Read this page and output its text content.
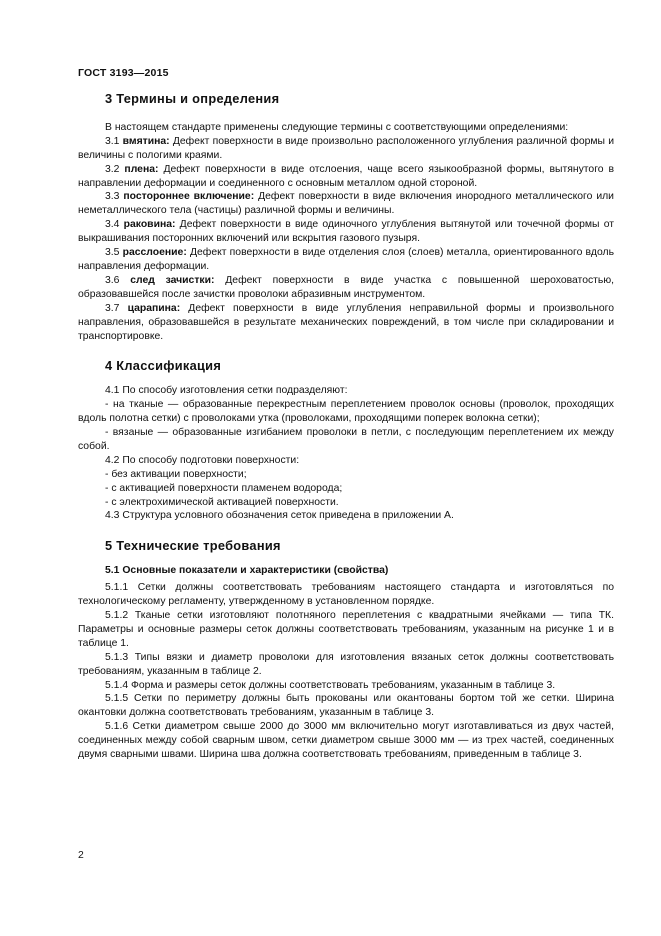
ГОСТ 3193—2015
3 Термины и определения

В настоящем стандарте применены следующие термины с соответствующими определениями:

3.1 вмятина: Дефект поверхности в виде произвольно расположенного углубления различной формы и величины с пологими краями.

3.2 плена: Дефект поверхности в виде отслоения, чаще всего языкообразной формы, вытянутого в направлении деформации и соединенного с основным металлом одной стороной.

3.3 постороннее включение: Дефект поверхности в виде включения инородного металлического или неметаллического тела (частицы) различной формы и величины.

3.4 раковина: Дефект поверхности в виде одиночного углубления вытянутой или точечной формы от выкрашивания посторонних включений или вскрытия газового пузыря.

3.5 расслоение: Дефект поверхности в виде отделения слоя (слоев) металла, ориентированного вдоль направления деформации.

3.6 след зачистки: Дефект поверхности в виде участка с повышенной шероховатостью, образовавшейся после зачистки проволоки абразивным инструментом.

3.7 царапина: Дефект поверхности в виде углубления неправильной формы и произвольного направления, образовавшейся в результате механических повреждений, в том числе при складировании и транспортировке.

4 Классификация

4.1 По способу изготовления сетки подразделяют:

- на тканые — образованные перекрестным переплетением проволок основы (проволок, проходящих вдоль полотна сетки) с проволоками утка (проволоками, проходящими поперек волокна сетки);

- вязаные — образованные изгибанием проволоки в петли, с последующим переплетением их между собой.

4.2 По способу подготовки поверхности:

- без активации поверхности;

- с активацией поверхности пламенем водорода;

- с электрохимической активацией поверхности.

4.3 Структура условного обозначения сеток приведена в приложении А.

5 Технические требования
5.1 Основные показатели и характеристики (свойства)

5.1.1 Сетки должны соответствовать требованиям настоящего стандарта и изготовляться по технологическому регламенту, утвержденному в установленном порядке.

5.1.2 Тканые сетки изготовляют полотняного переплетения с квадратными ячейками — типа ТК. Параметры и основные размеры сеток должны соответствовать требованиям, указанным на рисунке 1 и в таблице 1.

5.1.3 Типы вязки и диаметр проволоки для изготовления вязаных сеток должны соответствовать требованиям, указанным в таблице 2.

5.1.4 Форма и размеры сеток должны соответствовать требованиям, указанным в таблице 3.

5.1.5 Сетки по периметру должны быть прокованы или окантованы бортом той же сетки. Ширина окантовки должна соответствовать требованиям, указанным в таблице 3.

5.1.6 Сетки диаметром свыше 2000 до 3000 мм включительно могут изготавливаться из двух частей, соединенных между собой сварным швом, сетки диаметром свыше 3000 мм — из трех частей, соединенных двумя сварными швами. Ширина шва должна соответствовать требованиям, приведенным в таблице 3.

2
